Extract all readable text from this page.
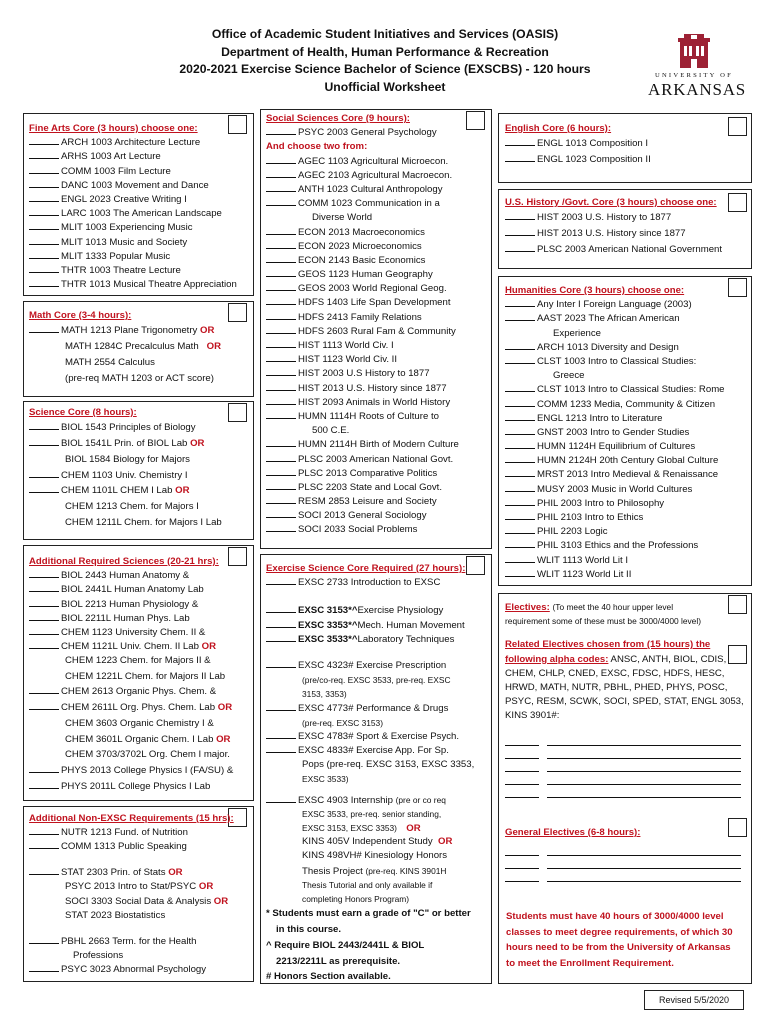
Office of Academic Student Initiatives and Services (OASIS)
Department of Health, Human Performance & Recreation
2020-2021 Exercise Science Bachelor of Science (EXSCBS) - 120 hours
Unofficial Worksheet
UNIVERSITY OF
ARKANSAS
Fine Arts Core (3 hours) choose one:
ARCH 1003 Architecture Lecture
ARHS 1003 Art Lecture
COMM 1003 Film Lecture
DANC 1003 Movement and Dance
ENGL 2023 Creative Writing I
LARC 1003 The American Landscape
MLIT 1003 Experiencing Music
MLIT 1013 Music and Society
MLIT 1333 Popular Music
THTR 1003 Theatre Lecture
THTR 1013 Musical Theatre Appreciation
Math Core (3-4 hours):
MATH 1213 Plane Trigonometry OR
MATH 1284C Precalculus Math OR
MATH 2554 Calculus
(pre-req MATH 1203 or ACT score)
Science Core (8 hours):
BIOL 1543 Principles of Biology
BIOL 1541L Prin. of BIOL Lab OR
BIOL 1584 Biology for Majors
CHEM 1103 Univ. Chemistry I
CHEM 1101L CHEM I Lab OR
CHEM 1213 Chem. for Majors I
CHEM 1211L Chem. for Majors I Lab
Additional Required Sciences (20-21 hrs):
BIOL 2443 Human Anatomy &
BIOL 2441L Human Anatomy Lab
BIOL 2213 Human Physiology &
BIOL 2211L Human Phys. Lab
CHEM 1123 University Chem. II &
CHEM 1121L Univ. Chem. II Lab OR
CHEM 1223 Chem. for Majors II &
CHEM 1221L Chem. for Majors II Lab
CHEM 2613 Organic Phys. Chem. &
CHEM 2611L Org. Phys. Chem. Lab OR
CHEM 3603 Organic Chemistry I &
CHEM 3601L Organic Chem. I Lab OR
CHEM 3703/3702L Org. Chem I major.
PHYS 2013 College Physics I (FA/SU) &
PHYS 2011L College Physics I Lab
Additional Non-EXSC Requirements (15 hrs):
NUTR 1213 Fund. of Nutrition
COMM 1313 Public Speaking
STAT 2303 Prin. of Stats OR
PSYC 2013 Intro to Stat/PSYC OR
SOCI 3303 Social Data & Analysis OR
STAT 2023 Biostatistics
PBHL 2663 Term. for the Health
Professions
PSYC 3023 Abnormal Psychology
Social Sciences Core (9 hours):
PSYC 2003 General Psychology
And choose two from:
AGEC 1103 Agricultural Microecon.
AGEC 2103 Agricultural Macroecon.
ANTH 1023 Cultural Anthropology
COMM 1023 Communication in a
Diverse World
ECON 2013 Macroeconomics
ECON 2023 Microeconomics
ECON 2143 Basic Economics
GEOS 1123 Human Geography
GEOS 2003 World Regional Geog.
HDFS 1403 Life Span Development
HDFS 2413 Family Relations
HDFS 2603 Rural Fam & Community
HIST 1113 World Civ. I
HIST 1123 World Civ. II
HIST 2003 U.S History to 1877
HIST 2013 U.S. History since 1877
HIST 2093 Animals in World History
HUMN 1114H Roots of Culture to
500 C.E.
HUMN 2114H Birth of Modern Culture
PLSC 2003 American National Govt.
PLSC 2013 Comparative Politics
PLSC 2203 State and Local Govt.
RESM 2853 Leisure and Society
SOCI 2013 General Sociology
SOCI 2033 Social Problems
Exercise Science Core Required (27 hours):
EXSC 2733 Introduction to EXSC
EXSC 3153*^Exercise Physiology
EXSC 3353*^Mech. Human Movement
EXSC 3533*^Laboratory Techniques
EXSC 4323# Exercise Prescription
(pre/co-req. EXSC 3533, pre-req. EXSC
3153, 3353)
EXSC 4773# Performance & Drugs
(pre-req. EXSC 3153)
EXSC 4783# Sport & Exercise Psych.
EXSC 4833# Exercise App. For Sp.
Pops (pre-req. EXSC 3153, EXSC 3353,
EXSC 3533)
EXSC 4903 Internship (pre or co req
EXSC 3533, pre-req. senior standing,
EXSC 3153, EXSC 3353) OR
KINS 405V Independent Study OR
KINS 498VH# Kinesiology Honors
Thesis Project (pre-req. KINS 3901H
Thesis Tutorial and only available if
completing Honors Program)
* Students must earn a grade of "C" or better
in this course.
^ Require BIOL 2443/2441L & BIOL
2213/2211L as prerequisite.
# Honors Section available.
English Core (6 hours):
ENGL 1013 Composition I
ENGL 1023 Composition II
U.S. History /Govt. Core (3 hours) choose one:
HIST 2003 U.S. History to 1877
HIST 2013 U.S. History since 1877
PLSC 2003 American National Government
Humanities Core (3 hours) choose one:
Any Inter I Foreign Language (2003)
AAST 2023 The African American
Experience
ARCH 1013 Diversity and Design
CLST 1003 Intro to Classical Studies:
Greece
CLST 1013 Intro to Classical Studies: Rome
COMM 1233 Media, Community & Citizen
ENGL 1213 Intro to Literature
GNST 2003 Intro to Gender Studies
HUMN 1124H Equilibrium of Cultures
HUMN 2124H 20th Century Global Culture
MRST 2013 Intro Medieval & Renaissance
MUSY 2003 Music in World Cultures
PHIL 2003 Intro to Philosophy
PHIL 2103 Intro to Ethics
PHIL 2203 Logic
PHIL 3103 Ethics and the Professions
WLIT 1113 World Lit I
WLIT 1123 World Lit II
Electives: (To meet the 40 hour upper level
requirement some of these must be 3000/4000 level)
Related Electives chosen from (15 hours) the
following alpha codes: ANSC, ANTH, BIOL, CDIS,
CHEM, CHLP, CNED, EXSC, FDSC, HDFS, HESC,
HRWD, MATH, NUTR, PBHL, PHED, PHYS, POSC,
PSYC, RESM, SCWK, SOCI, SPED, STAT, ENGL 3053,
KINS 3901#:
General Electives (6-8 hours):
Students must have 40 hours of 3000/4000 level
classes to meet degree requirements, of which 30
hours need to be from the University of Arkansas
to meet the Enrollment Requirement.
Revised 5/5/2020
